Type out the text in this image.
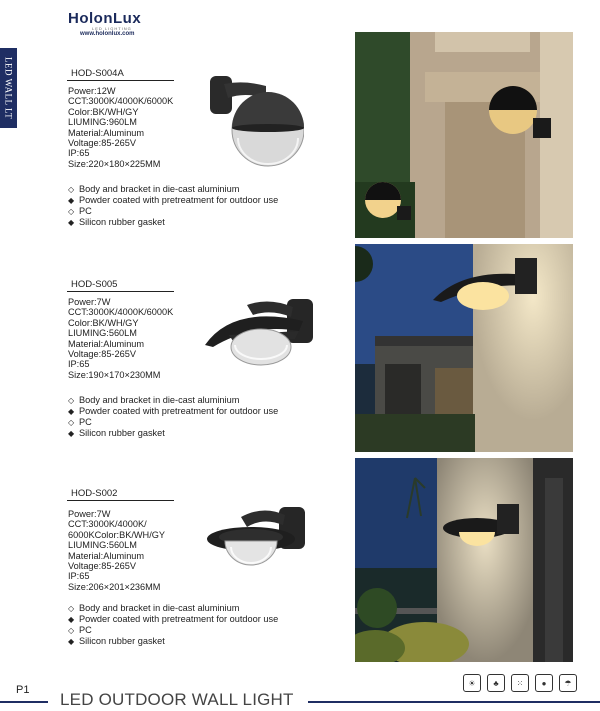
HolonLux
LED LIGHTING
www.holonlux.com
LED WALL LT	HOD-S004A
Power:12W
CCT:3000K/4000K/6000K
Color:BK/WH/GY
LIUMING:960LM
Material:Aluminum
Voltage:85-265V
IP:65
Size:220×180×225MM
◇ Body and bracket in die-cast aluminium
◆ Powder coated with pretreatment for outdoor use
◇ PC
◆ Silicon rubber gasket
HOD-S005
Power:7W
CCT:3000K/4000K/6000K
Color:BK/WH/GY
LIUMING:560LM
Material:Aluminum
Voltage:85-265V
IP:65
Size:190×170×230MM
◇ Body and bracket in die-cast aluminium
◆ Powder coated with pretreatment for outdoor use
◇ PC
◆ Silicon rubber gasket
HOD-S002
Power:7W
CCT:3000K/4000K/
6000KColor:BK/WH/GY
LIUMING:560LM
Material:Aluminum
Voltage:85-265V
IP:65
Size:206×201×236MM
◇ Body and bracket in die-cast aluminium
◆ Powder coated with pretreatment for outdoor use
◇ PC
◆ Silicon rubber gasket
P1 LED OUTDOOR WALL LIGHT
☀	♣	⁙	●	☂
